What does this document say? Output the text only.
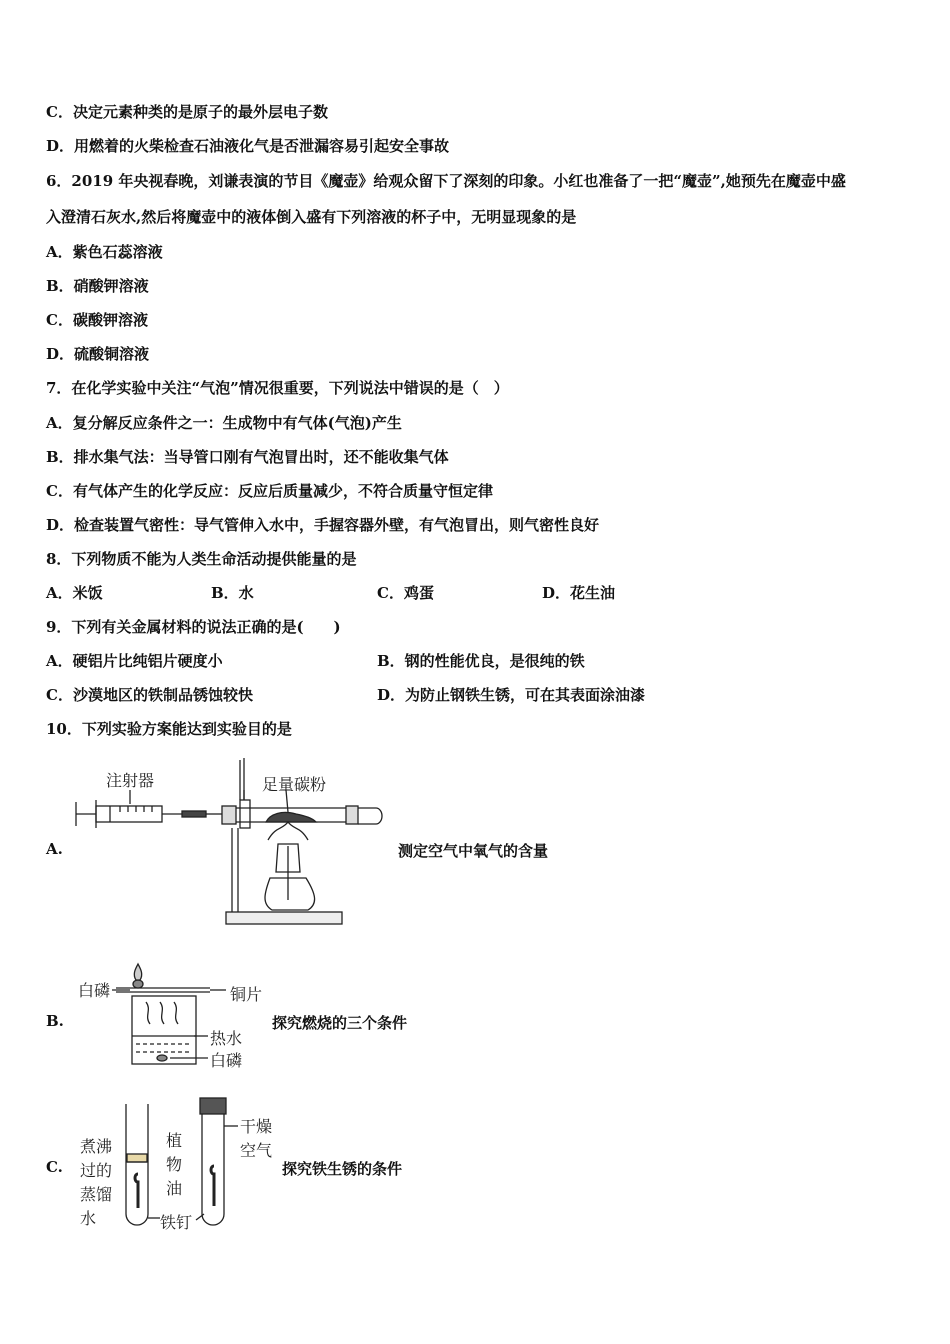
C．决定元素种类的是原子的最外层电子数
D．用燃着的火柴检查石油液化气是否泄漏容易引起安全事故
6．2019 年央视春晚，刘谦表演的节目《魔壶》给观众留下了深刻的印象。小红也准备了一把“魔壶”,她预先在魔壶中盛
入澄清石灰水,然后将魔壶中的液体倒入盛有下列溶液的杯子中，无明显现象的是
A．紫色石蕊溶液
B．硝酸钾溶液
C．碳酸钾溶液
D．硫酸铜溶液
7．在化学实验中关注“气泡”情况很重要，下列说法中错误的是（　）
A．复分解反应条件之一：生成物中有气体(气泡)产生
B．排水集气法：当导管口刚有气泡冒出时，还不能收集气体
C．有气体产生的化学反应：反应后质量减少，不符合质量守恒定律
D．检查装置气密性：导气管伸入水中，手握容器外壁，有气泡冒出，则气密性良好
8．下列物质不能为人类生命活动提供能量的是
A．米饭	B．水	C．鸡蛋	D．花生油
9．下列有关金属材料的说法正确的是(　　)
A．硬铝片比纯铝片硬度小	B．钢的性能优良，是很纯的铁
C．沙漠地区的铁制品锈蚀较快	D．为防止钢铁生锈，可在其表面涂油漆
10．下列实验方案能达到实验目的是
A.	测定空气中氧气的含量
注射器	足量碳粉
B.	探究燃烧的三个条件
白磷	铜片
热水
白磷
C.	探究铁生锈的条件
煮沸
过的
蒸馏
水
植
物
油
干燥
空气
铁钉
